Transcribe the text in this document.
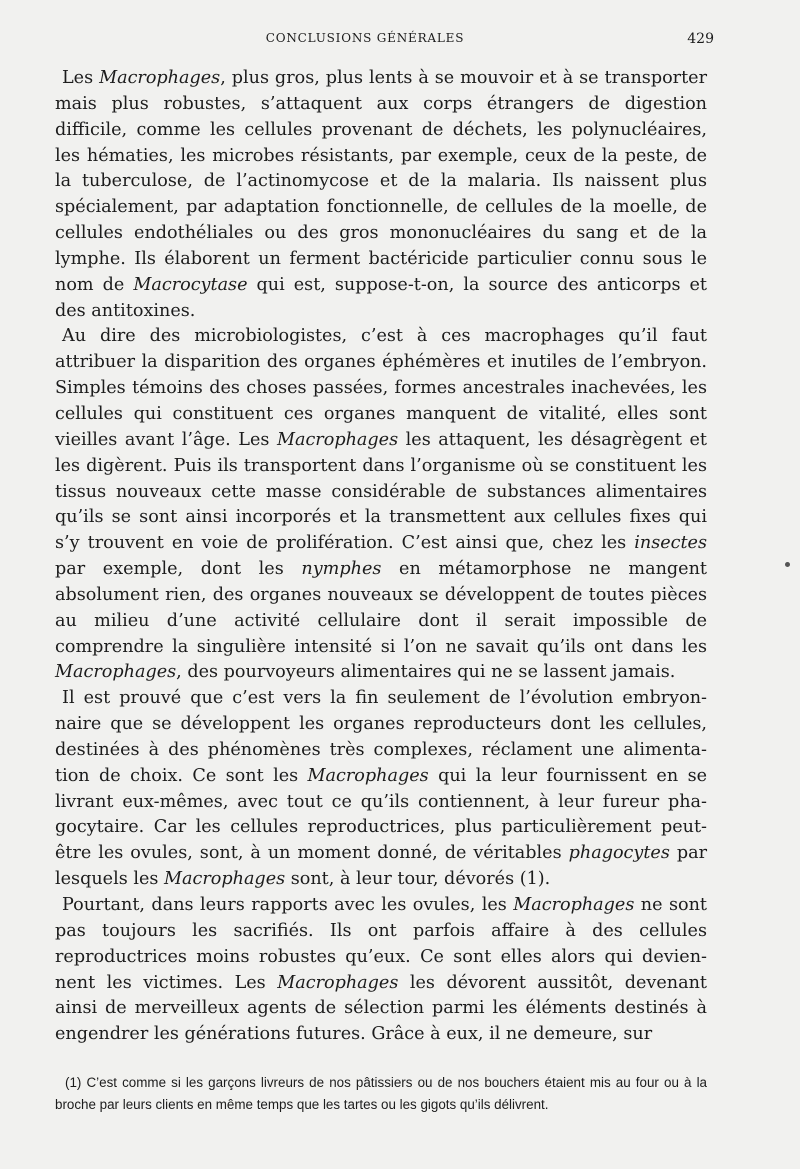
CONCLUSIONS GÉNÉRALES	429

Les Macrophages, plus gros, plus lents à se mouvoir et à se transporter mais plus robustes, s’attaquent aux corps étrangers de digestion difficile, comme les cellules provenant de déchets, les polynucléaires, les hématies, les microbes résistants, par exemple, ceux de la peste, de la tuberculose, de l’actinomycose et de la malaria. Ils naissent plus spécialement, par adaptation fonctionnelle, de cellules de la moelle, de cellules endothéliales ou des gros mononucléaires du sang et de la lymphe. Ils élaborent un ferment bactéricide particulier connu sous le nom de Macrocytase qui est, suppose-t-on, la source des anticorps et des antitoxines.

Au dire des microbiologistes, c’est à ces macrophages qu’il faut attribuer la disparition des organes éphémères et inutiles de l’embryon. Simples témoins des choses passées, formes ancestrales inachevées, les cellules qui constituent ces organes manquent de vitalité, elles sont vieilles avant l’âge. Les Macrophages les attaquent, les désagrègent et les digèrent. Puis ils transportent dans l’organisme où se constituent les tissus nouveaux cette masse considérable de substances alimentaires qu’ils se sont ainsi incorporés et la transmettent aux cellules fixes qui s’y trouvent en voie de prolifération. C’est ainsi que, chez les insectes par exemple, dont les nymphes en métamorphose ne mangent absolument rien, des organes nouveaux se développent de toutes pièces au milieu d’une activité cellulaire dont il serait impossible de comprendre la singulière intensité si l’on ne savait qu’ils ont dans les Macrophages, des pourvoyeurs alimentaires qui ne se lassent jamais.

Il est prouvé que c’est vers la fin seulement de l’évolution embryonnaire que se développent les organes reproducteurs dont les cellules, destinées à des phénomènes très complexes, réclament une alimentation de choix. Ce sont les Macrophages qui la leur fournissent en se livrant eux-mêmes, avec tout ce qu’ils contiennent, à leur fureur phagocytaire. Car les cellules reproductrices, plus particulièrement peut-être les ovules, sont, à un moment donné, de véritables phagocytes par lesquels les Macrophages sont, à leur tour, dévorés (1).

Pourtant, dans leurs rapports avec les ovules, les Macrophages ne sont pas toujours les sacrifiés. Ils ont parfois affaire à des cellules reproductrices moins robustes qu’eux. Ce sont elles alors qui deviennent les victimes. Les Macrophages les dévorent aussitôt, devenant ainsi de merveilleux agents de sélection parmi les éléments destinés à engendrer les générations futures. Grâce à eux, il ne demeure, sur

(1) C’est comme si les garçons livreurs de nos pâtissiers ou de nos bouchers étaient mis au four ou à la broche par leurs clients en même temps que les tartes ou les gigots qu’ils délivrent.
